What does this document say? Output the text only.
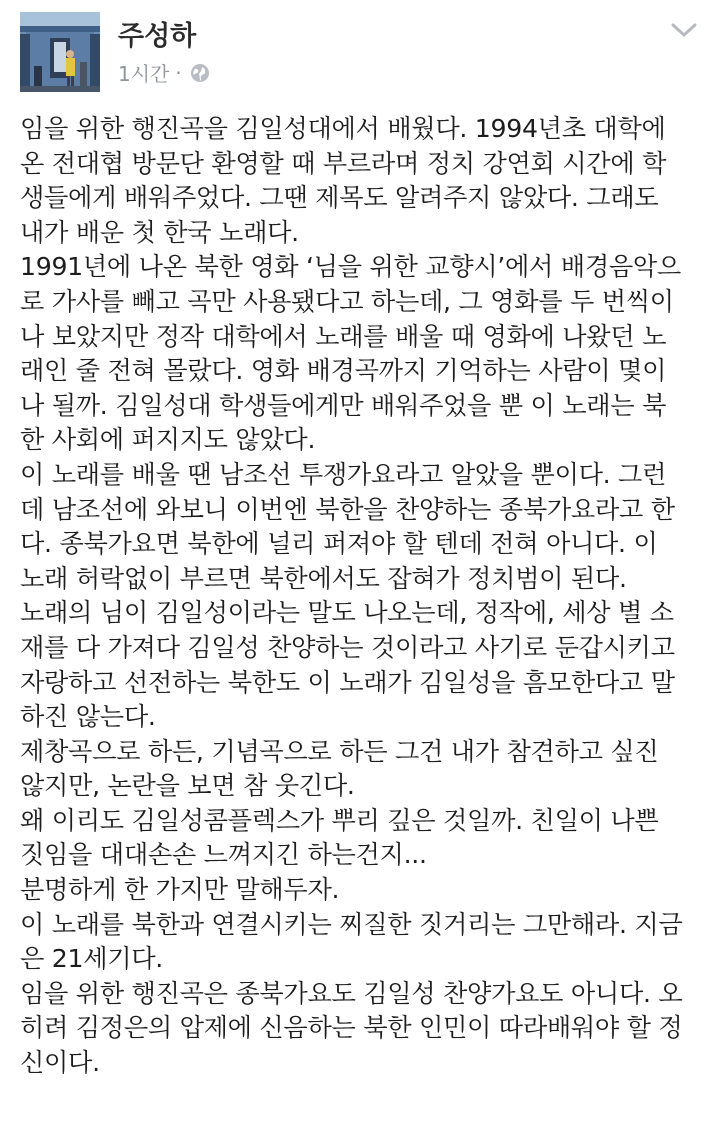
주성하
1시간 ·
임을 위한 행진곡을 김일성대에서 배웠다. 1994년초 대학에
온 전대협 방문단 환영할 때 부르라며 정치 강연회 시간에 학
생들에게 배워주었다. 그땐 제목도 알려주지 않았다. 그래도
내가 배운 첫 한국 노래다.
1991년에 나온 북한 영화 ‘님을 위한 교향시’에서 배경음악으
로 가사를 빼고 곡만 사용됐다고 하는데, 그 영화를 두 번씩이
나 보았지만 정작 대학에서 노래를 배울 때 영화에 나왔던 노
래인 줄 전혀 몰랐다. 영화 배경곡까지 기억하는 사람이 몇이
나 될까. 김일성대 학생들에게만 배워주었을 뿐 이 노래는 북
한 사회에 퍼지지도 않았다.
이 노래를 배울 땐 남조선 투쟁가요라고 알았을 뿐이다. 그런
데 남조선에 와보니 이번엔 북한을 찬양하는 종북가요라고 한
다. 종북가요면 북한에 널리 퍼져야 할 텐데 전혀 아니다. 이
노래 허락없이 부르면 북한에서도 잡혀가 정치범이 된다.
노래의 님이 김일성이라는 말도 나오는데, 정작에, 세상 별 소
재를 다 가져다 김일성 찬양하는 것이라고 사기로 둔갑시키고
자랑하고 선전하는 북한도 이 노래가 김일성을 흠모한다고 말
하진 않는다.
제창곡으로 하든, 기념곡으로 하든 그건 내가 참견하고 싶진
않지만, 논란을 보면 참 웃긴다.
왜 이리도 김일성콤플렉스가 뿌리 깊은 것일까. 친일이 나쁜
짓임을 대대손손 느껴지긴 하는건지...
분명하게 한 가지만 말해두자.
이 노래를 북한과 연결시키는 찌질한 짓거리는 그만해라. 지금
은 21세기다.
임을 위한 행진곡은 종북가요도 김일성 찬양가요도 아니다. 오
히려 김정은의 압제에 신음하는 북한 인민이 따라배워야 할 정
신이다.
